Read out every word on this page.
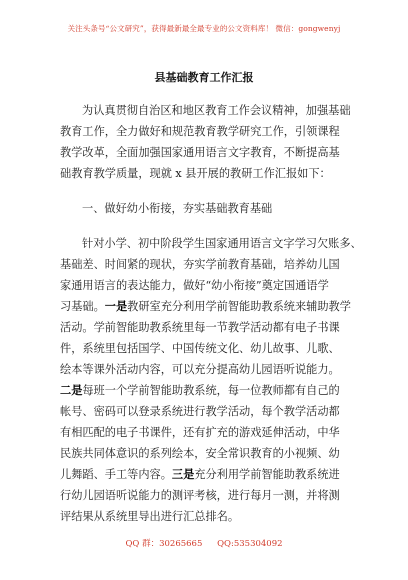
关注头条号“公文研究”，获得最新最全最专业的公文资料库！ 微信：gongwenyj
县基础教育工作汇报
为认真贯彻自治区和地区教育工作会议精神，加强基础
教育工作，全力做好和规范教育教学研究工作，引领课程
教学改革，全面加强国家通用语言文字教育，不断提高基
础教育教学质量，现就 x 县开展的教研工作汇报如下：
一、做好幼小衔接，夯实基础教育基础
针对小学、初中阶段学生国家通用语言文字学习欠账多、
基础差、时间紧的现状，夯实学前教育基础，培养幼儿国
家通用语言的表达能力，做好“幼小衔接”奠定国通语学
习基础。一是教研室充分利用学前智能助教系统来辅助教学
活动。学前智能助教系统里每一节教学活动都有电子书课
件，系统里包括国学、中国传统文化、幼儿故事、儿歌、
绘本等课外活动内容，可以充分提高幼儿园语听说能力。
二是每班一个学前智能助教系统，每一位教师都有自己的
帐号、密码可以登录系统进行教学活动，每个教学活动都
有相匹配的电子书课件，还有扩充的游戏延伸活动，中华
民族共同体意识的系列绘本，安全常识教育的小视频、幼
儿舞蹈、手工等内容。三是充分利用学前智能助教系统进
行幼儿园语听说能力的测评考核，进行每月一测，并将测
评结果从系统里导出进行汇总排名。
QQ 群：30265665 QQ:535304092
